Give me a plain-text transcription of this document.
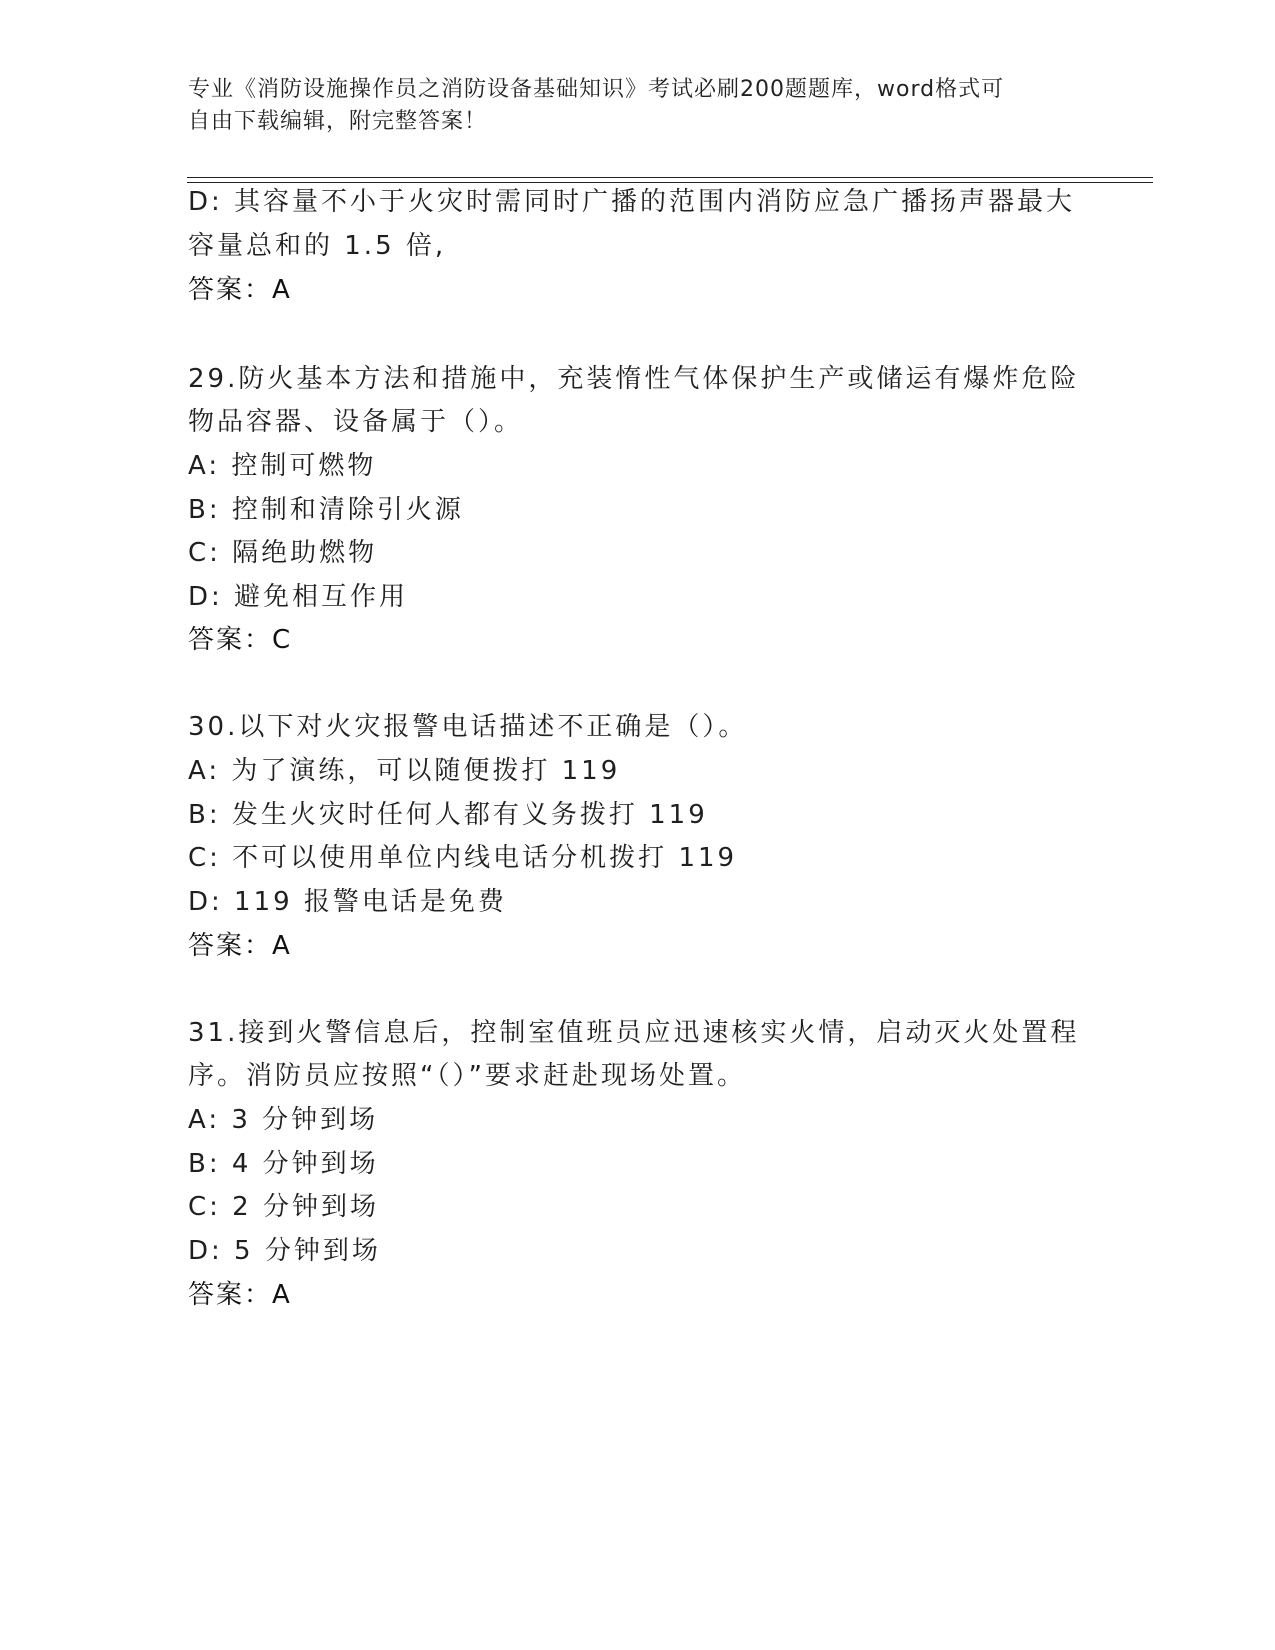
专业《消防设施操作员之消防设备基础知识》考试必刷200题题库，word格式可
自由下载编辑，附完整答案！
D: 其容量不小于火灾时需同时广播的范围内消防应急广播扬声器最大
容量总和的 1.5 倍,
答案：A
29.防火基本方法和措施中，充装惰性气体保护生产或储运有爆炸危险
物品容器、设备属于（）。
A: 控制可燃物
B: 控制和清除引火源
C: 隔绝助燃物
D: 避免相互作用
答案：C
30.以下对火灾报警电话描述不正确是（）。
A: 为了演练，可以随便拨打 119
B: 发生火灾时任何人都有义务拨打 119
C: 不可以使用单位内线电话分机拨打 119
D: 119 报警电话是免费
答案：A
31.接到火警信息后，控制室值班员应迅速核实火情，启动灭火处置程
序。消防员应按照“（）”要求赶赴现场处置。
A: 3 分钟到场
B: 4 分钟到场
C: 2 分钟到场
D: 5 分钟到场
答案：A
